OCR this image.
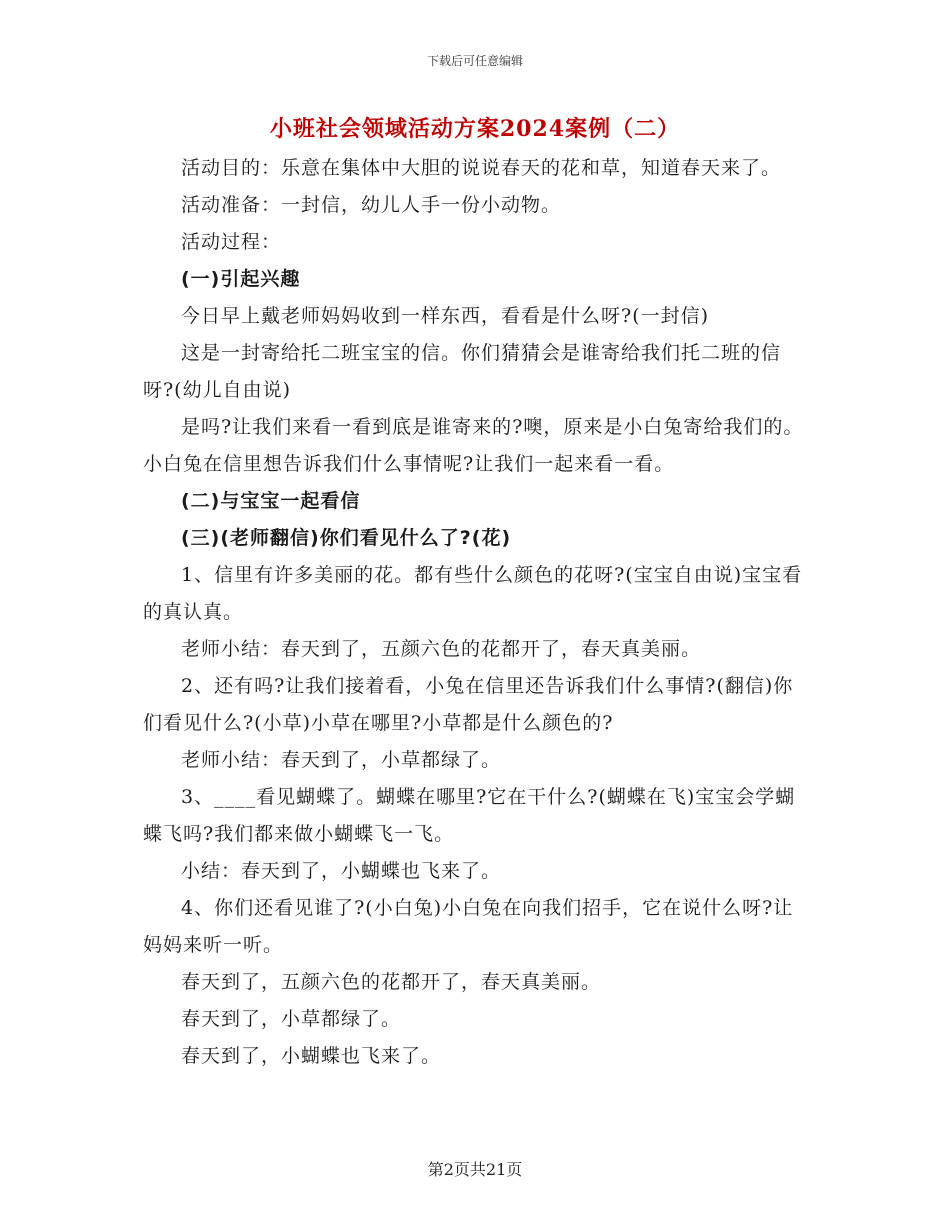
下载后可任意编辑
小班社会领域活动方案2024案例（二）

活动目的：乐意在集体中大胆的说说春天的花和草，知道春天来了。

活动准备：一封信，幼儿人手一份小动物。

活动过程：

(一)引起兴趣

今日早上戴老师妈妈收到一样东西，看看是什么呀?(一封信)

这是一封寄给托二班宝宝的信。你们猜猜会是谁寄给我们托二班的信呀?(幼儿自由说)

是吗?让我们来看一看到底是谁寄来的?噢，原来是小白兔寄给我们的。小白兔在信里想告诉我们什么事情呢?让我们一起来看一看。

(二)与宝宝一起看信

(三)(老师翻信)你们看见什么了?(花)

1、信里有许多美丽的花。都有些什么颜色的花呀?(宝宝自由说)宝宝看的真认真。

老师小结：春天到了，五颜六色的花都开了，春天真美丽。

2、还有吗?让我们接着看，小兔在信里还告诉我们什么事情?(翻信)你们看见什么?(小草)小草在哪里?小草都是什么颜色的?

老师小结：春天到了，小草都绿了。

3、____看见蝴蝶了。蝴蝶在哪里?它在干什么?(蝴蝶在飞)宝宝会学蝴蝶飞吗?我们都来做小蝴蝶飞一飞。

小结：春天到了，小蝴蝶也飞来了。

4、你们还看见谁了?(小白兔)小白兔在向我们招手，它在说什么呀?让妈妈来听一听。

春天到了，五颜六色的花都开了，春天真美丽。

春天到了，小草都绿了。

春天到了，小蝴蝶也飞来了。

第2页共21页
